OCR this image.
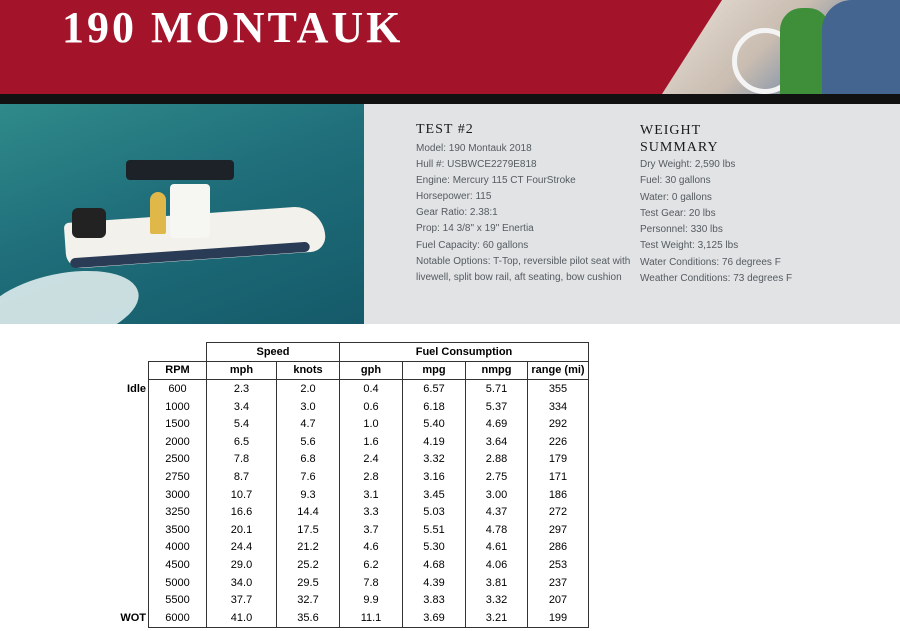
190 MONTAUK
TEST #2
Model: 190 Montauk 2018
Hull #: USBWCE2279E818
Engine: Mercury 115 CT FourStroke
Horsepower: 115
Gear Ratio: 2.38:1
Prop: 14 3/8" x 19" Enertia
Fuel Capacity: 60 gallons
Notable Options: T-Top, reversible pilot seat with
livewell, split bow rail, aft seating, bow cushion
WEIGHT
SUMMARY
Dry Weight: 2,590 lbs
Fuel: 30 gallons
Water: 0 gallons
Test Gear: 20 lbs
Personnel: 330 lbs
Test Weight: 3,125 lbs
Water Conditions: 76 degrees F
Weather Conditions: 73 degrees F
		Speed		Fuel Consumption			
	RPM	mph	knots	gph	mpg	nmpg	range (mi)
Idle	600	2.3	2.0	0.4	6.57	5.71	355
	1000	3.4	3.0	0.6	6.18	5.37	334
	1500	5.4	4.7	1.0	5.40	4.69	292
	2000	6.5	5.6	1.6	4.19	3.64	226
	2500	7.8	6.8	2.4	3.32	2.88	179
	2750	8.7	7.6	2.8	3.16	2.75	171
	3000	10.7	9.3	3.1	3.45	3.00	186
	3250	16.6	14.4	3.3	5.03	4.37	272
	3500	20.1	17.5	3.7	5.51	4.78	297
	4000	24.4	21.2	4.6	5.30	4.61	286
	4500	29.0	25.2	6.2	4.68	4.06	253
	5000	34.0	29.5	7.8	4.39	3.81	237
	5500	37.7	32.7	9.9	3.83	3.32	207
WOT	6000	41.0	35.6	11.1	3.69	3.21	199
